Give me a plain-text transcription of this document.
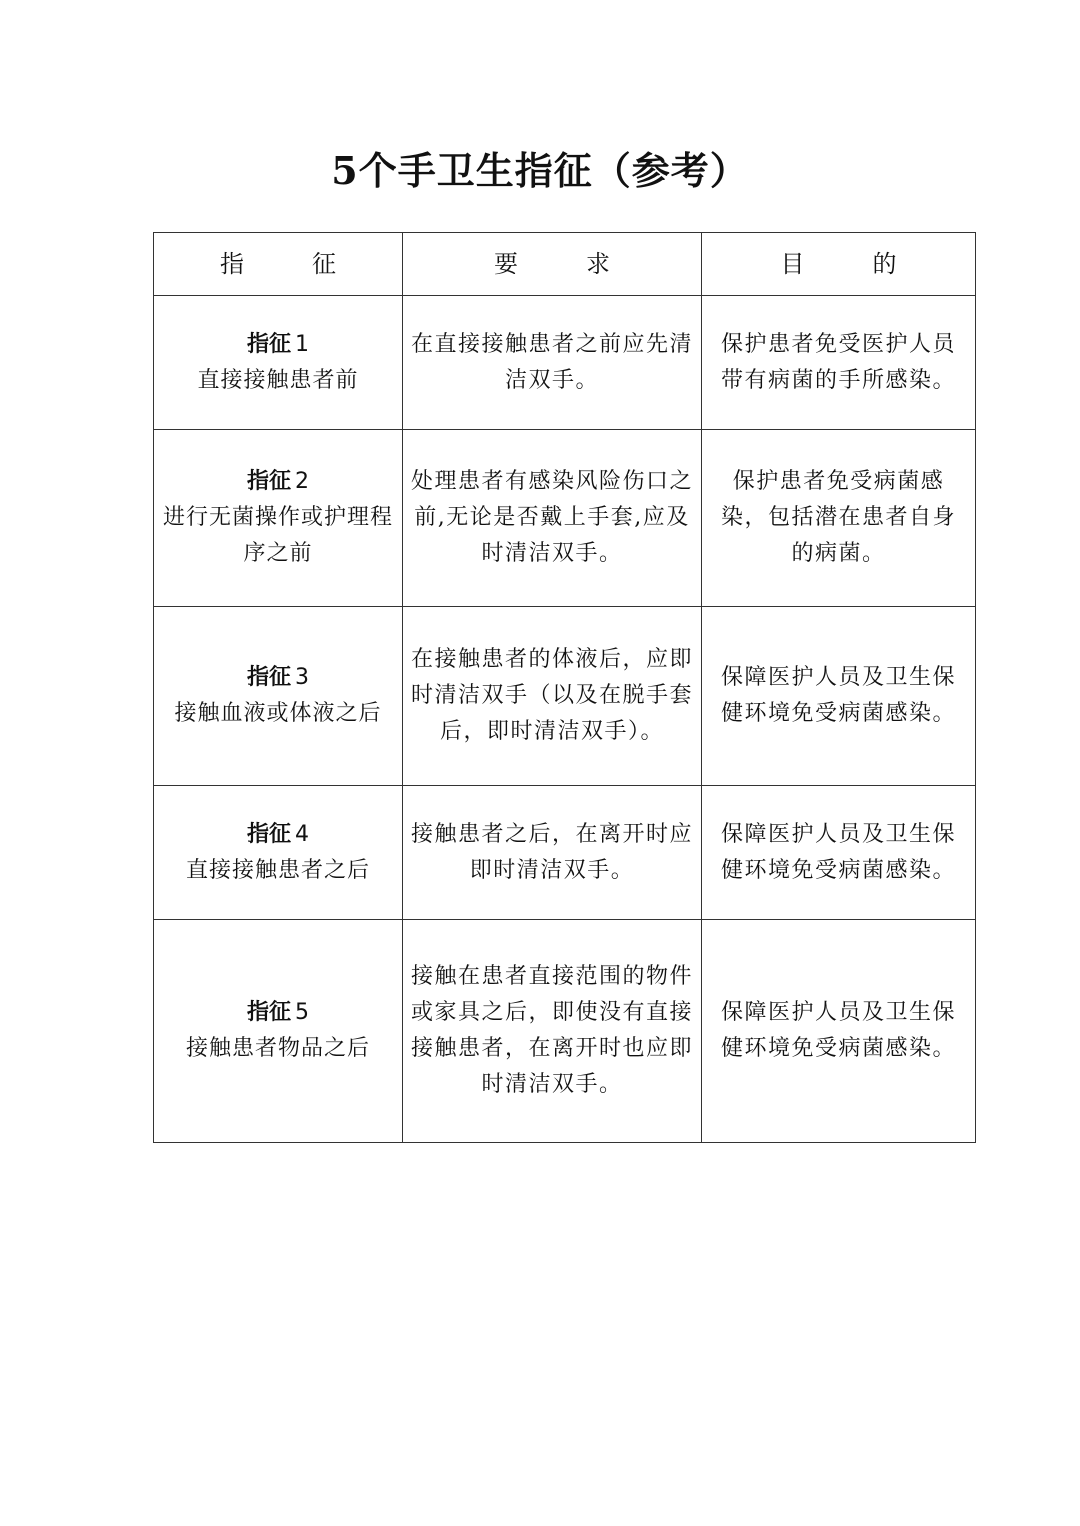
5个手卫生指征（参考）
指　征	要　求	目　的

指征 1
直接接触患者前	在直接接触患者之前应先清洁双手。	保护患者免受医护人员带有病菌的手所感染。

指征 2
进行无菌操作或护理程序之前	处理患者有感染风险伤口之前,无论是否戴上手套,应及时清洁双手。	保护患者免受病菌感染，包括潜在患者自身的病菌。

指征 3
接触血液或体液之后	在接触患者的体液后，应即时清洁双手（以及在脱手套后，即时清洁双手）。	保障医护人员及卫生保健环境免受病菌感染。

指征 4
直接接触患者之后	接触患者之后，在离开时应即时清洁双手。	保障医护人员及卫生保健环境免受病菌感染。

指征 5
接触患者物品之后	接触在患者直接范围的物件或家具之后，即使没有直接接触患者，在离开时也应即时清洁双手。	保障医护人员及卫生保健环境免受病菌感染。
